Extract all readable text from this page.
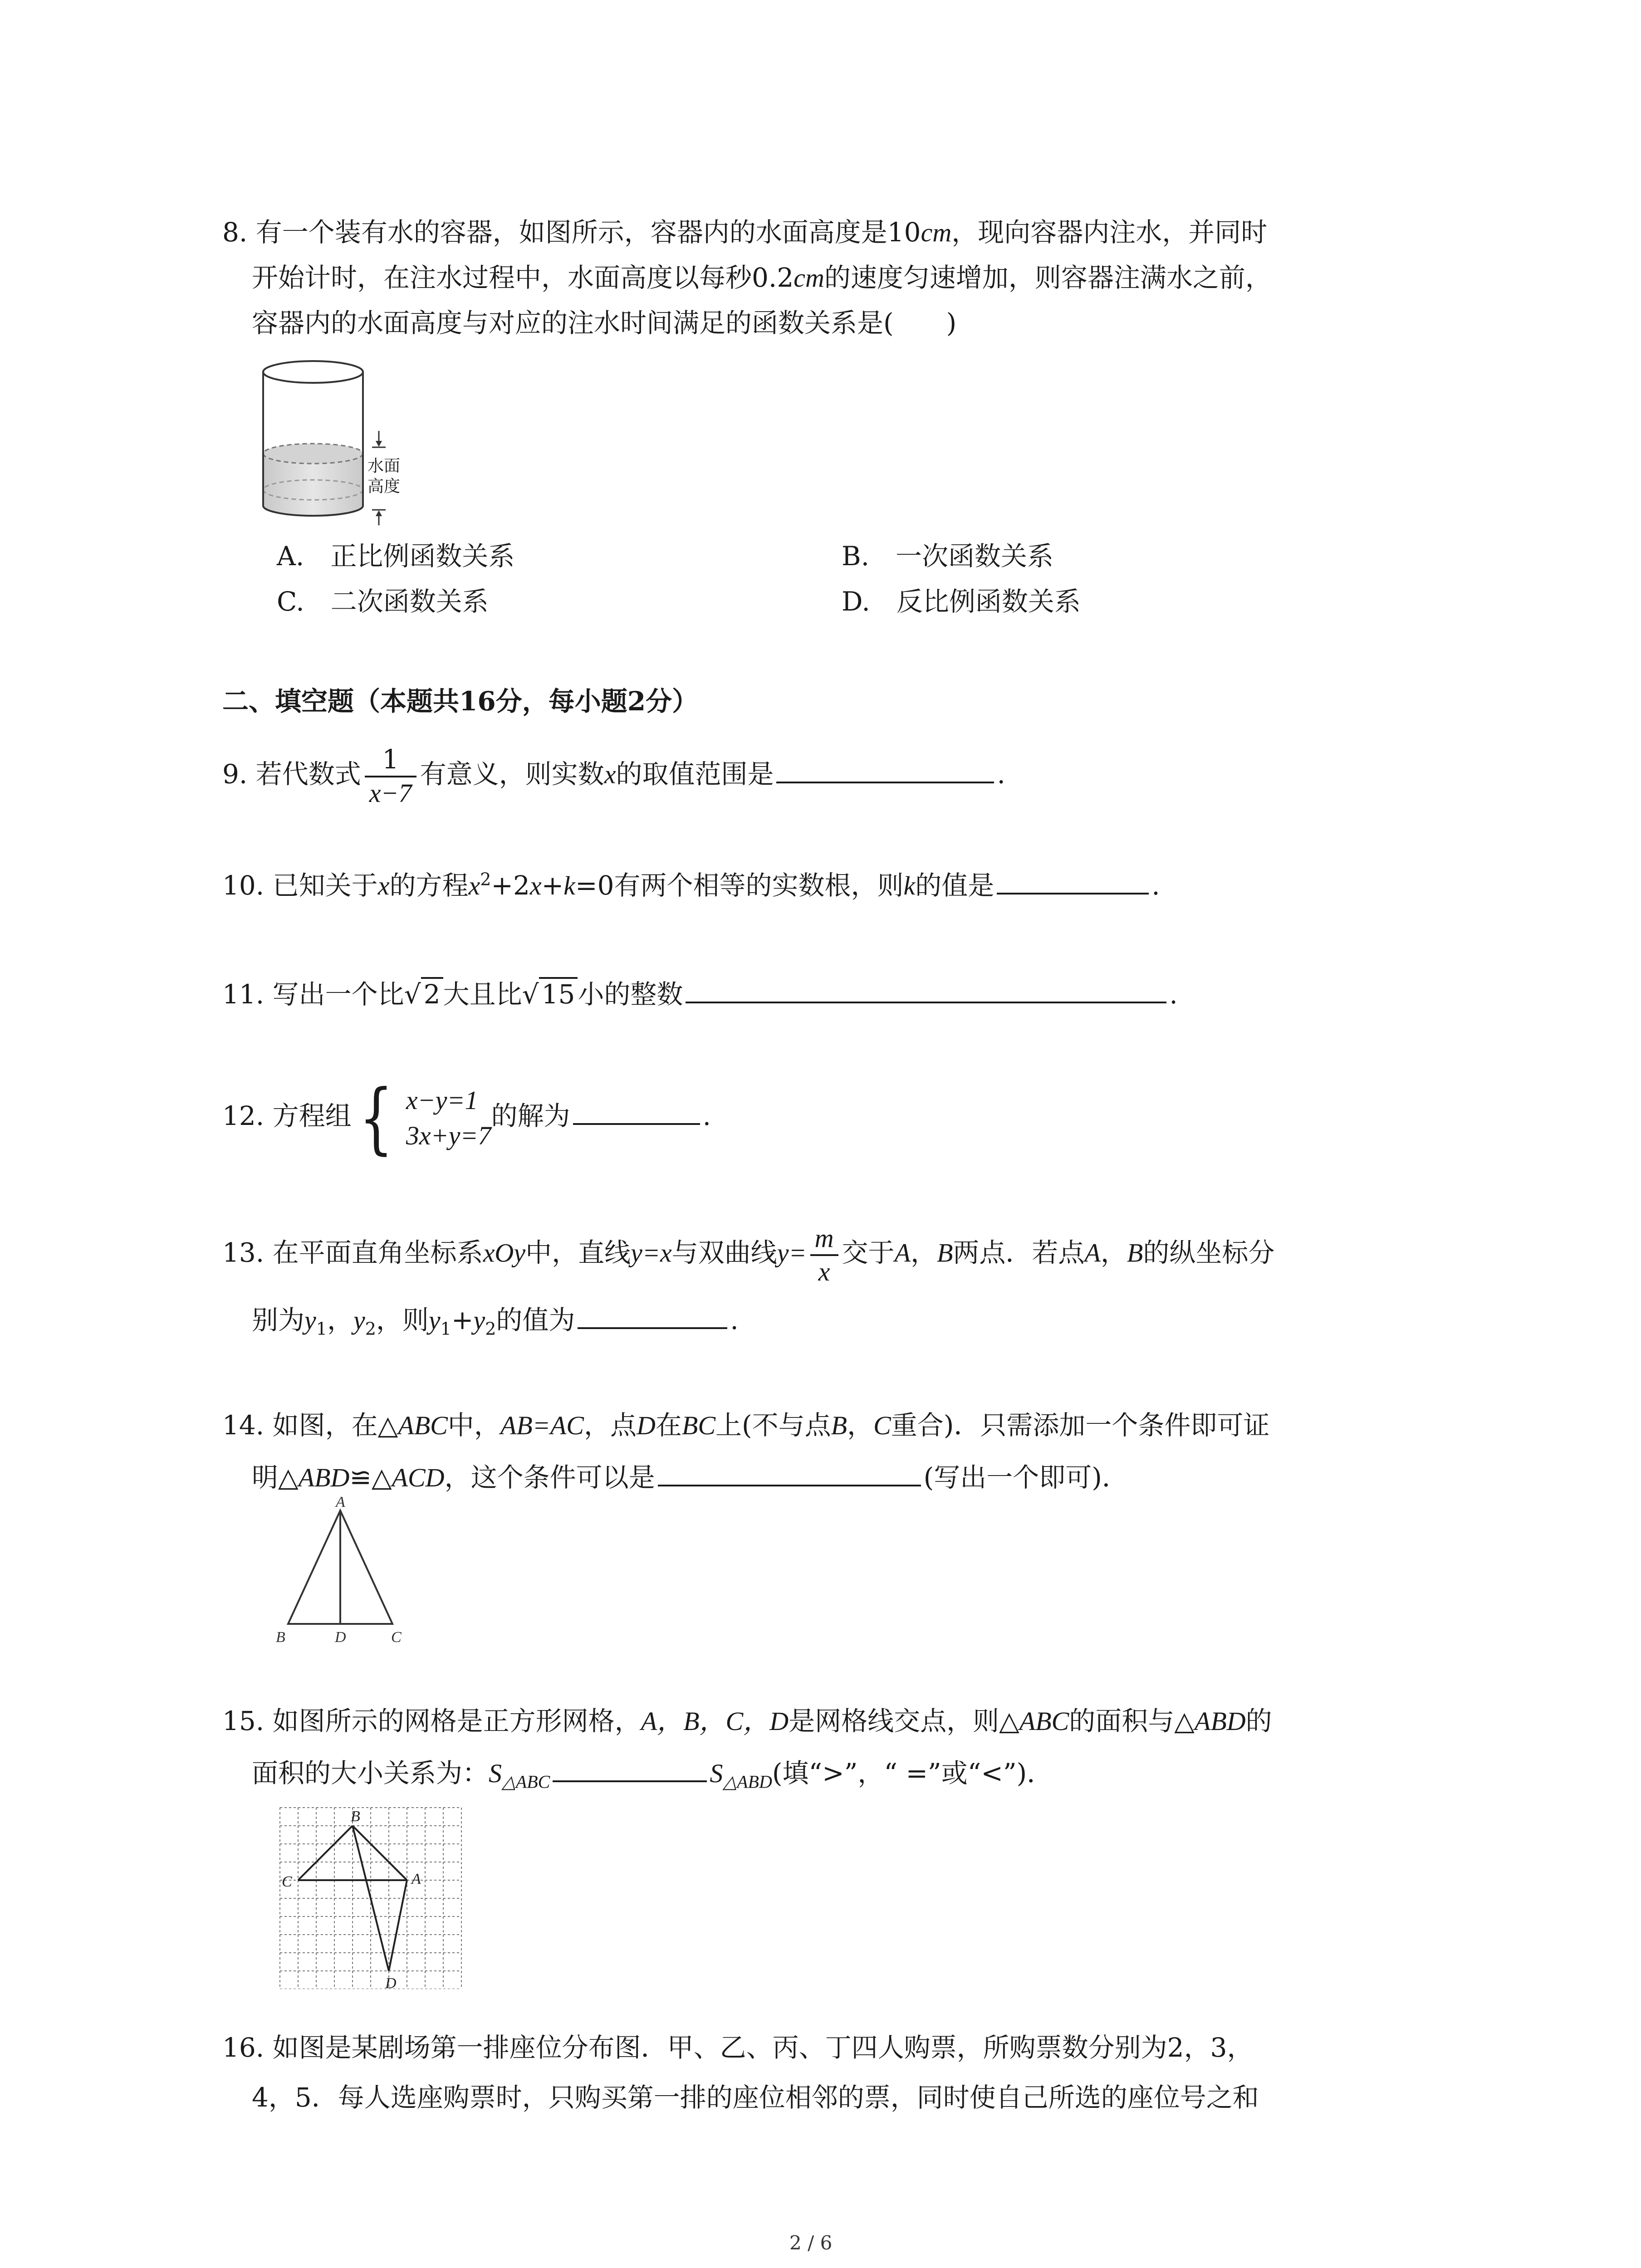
8. 有一个装有水的容器，如图所示，容器内的水面高度是10cm，现向容器内注水，并同时
开始计时，在注水过程中，水面高度以每秒0.2cm的速度匀速增加，则容器注满水之前，
容器内的水面高度与对应的注水时间满足的函数关系是(　　)
水面高度
A.　正比例函数关系	B.　一次函数关系
C.　二次函数关系	D.　反比例函数关系
二、填空题（本题共16分，每小题2分）
9. 若代数式 $\frac{1}{x-7}$ 有意义，则实数x的取值范围是	.
10. 已知关于x的方程$x^2+2x+k=0$有两个相等的实数根，则k的值是	.
11. 写出一个比√ 2 大且比√ 15 小的整数	.
12. 方程组 { x−y=1
3x+y=7
的解为	.
13. 在平面直角坐标系xOy中，直线y=x与双曲线$y= \frac{m}{x}$ 交于A，B两点．若点A，B的纵坐标分
别为$y_1$，$y_2$，则$y_1+y_2$的值为	.
14. 如图，在△ABC中，AB=AC，点D在BC上(不与点B，C重合)．只需添加一个条件即可证
明△ABD≌△ACD，这个条件可以是	(写出一个即可)．
A
B	D	C
15. 如图所示的网格是正方形网格，A，B，C，D是网格线交点，则△ABC的面积与△ABD的
面积的大小关系为：$S_{\triangle ABC}$	$S_{\triangle ABD}$(填“>”，“ =”或“<”)．
A
B
C
D
16. 如图是某剧场第一排座位分布图．甲、乙、丙、丁四人购票，所购票数分别为2，3，
4，5．每人选座购票时，只购买第一排的座位相邻的票，同时使自己所选的座位号之和
2 / 6
